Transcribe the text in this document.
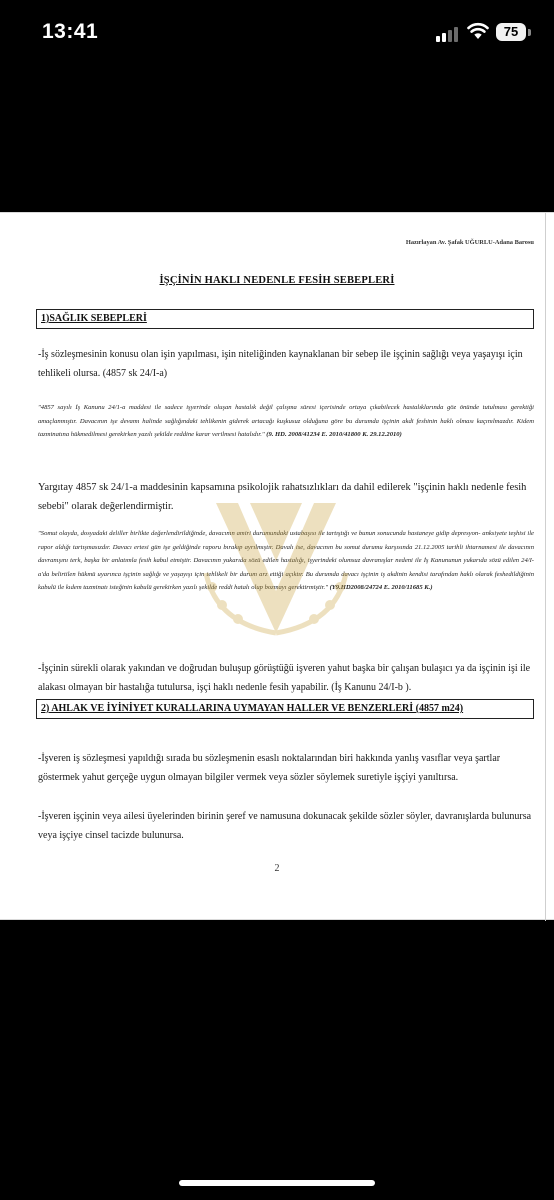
13:41	75
Hazırlayan Av. Şafak UĞURLU-Adana Barosu
İŞÇİNİN HAKLI NEDENLE FESİH SEBEPLERİ
1)SAĞLIK SEBEPLERİ
-İş sözleşmesinin konusu olan işin yapılması, işin niteliğinden kaynaklanan bir sebep ile işçinin sağlığı veya yaşayışı için tehlikeli olursa. (4857 sk 24/I-a)
"4857 sayılı İş Kanunu 24/1-a maddesi ile sadece işyerinde oluşan hastalık değil çalışma süresi içerisinde ortaya çıkabilecek hastalıklarında göz önünde tutulması gerektiği amaçlanmıştır. Davacının işe devamı halinde sağlığındaki tehlikenin giderek artacağı kuşkusuz olduğuna göre bu durumda işçinin akdi feshinin haklı olması kaçınılmazdır. Kidem tazminatına hükmedilmesi gerekirken yazılı şekilde reddine karar verilmesi hatalıdır." (9. HD. 2008/41234 E. 2010/41800 K. 29.12.2010)
Yargıtay 4857 sk 24/1-a maddesinin kapsamına psikolojik rahatsızlıkları da dahil edilerek "işçinin haklı nedenle fesih sebebi" olarak değerlendirmiştir.
"Somut olayda, dosyadaki deliller birlikte değerlendirildiğinde, davacının amiri durumundaki ustabaşısı ile tartıştığı ve bunun sonucunda hastaneye gidip depresyon- anksiyete teşhisi ile rapor aldığı tartışmasızdır. Davacı ertesi gün işe geldiğinde raporu bırakıp ayrılmıştır. Davalı ise, davacının bu somut durumu karşısında 21.12.2005 tarihli ihtarnamesi ile davacının davranışını terk, başka bir anlatımla fesih kabul etmiştir. Davacının yukarıda sözü edilen hastalığı, işyerindeki olumsuz davranışlar nedeni ile İş Kanununun yukarıda sözü edilen 24/I-a'da belirtilen hükmü uyarınca işçinin sağlığı ve yaşayışı için tehlikeli bir durum arz ettiği açıktır. Bu durumda davacı işçinin iş akdinin kendisi tarafından haklı olarak feshedildiğinin kabulü ile kıdem tazminatı isteğinin kabulü gerekirken yazılı şekilde reddi hatalı olup bozmayı gerektirmiştir." (Y9.HD2008/24724 E. 2010/11685 K.)
-İşçinin sürekli olarak yakından ve doğrudan buluşup görüştüğü işveren yahut başka bir çalışan bulaşıcı ya da işçinin işi ile alakası olmayan bir hastalığa tutulursa, işçi haklı nedenle fesih yapabilir. (İş Kanunu 24/I-b ).
2) AHLAK VE İYİNİYET KURALLARINA UYMAYAN HALLER VE BENZERLERİ (4857 m24)
-İşveren iş sözleşmesi yapıldığı sırada bu sözleşmenin esaslı noktalarından biri hakkında yanlış vasıflar veya şartlar göstermek yahut gerçeğe uygun olmayan bilgiler vermek veya sözler söylemek suretiyle işçiyi yanıltırsa.
-İşveren işçinin veya ailesi üyelerinden birinin şeref ve namusuna dokunacak şekilde sözler söyler, davranışlarda bulunursa veya işçiye cinsel tacizde bulunursa.
2
